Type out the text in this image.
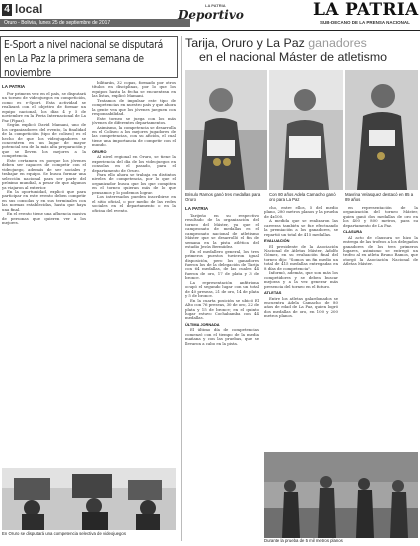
4 local
Oruro - Bolivia, lunes 25 de septiembre de 2017
LA PATRIA
Deportivo	LA PATRIA
SUB-DECANO DE LA PRENSA NACIONAL
E-Sport a nivel nacional se disputará en La Paz la primera semana de noviembre
LA PATRIA

Por primera vez en el país, se disputará un torneo de videojuegos en competición, como es e-Sport. Esta actividad se realizará con el objetivo de formar un equipo nacional, los días 4 y 5 de noviembre en la Feria Internacional de La Paz (Fipaz).

Según explicó David Mamani, uno de los organizadores del evento, la finalidad de la competición (tipo de coliseo) es el hecho de que los videojugadores se concentren en un lugar de mayor potencial sea de la más alta preparación y que se lleven los mejores a la competencia.

Este certamen es porque los jóvenes deben ser capaces de competir con el videojuego, además de ser sociales y trabajar en equipo. Se busca formar una selección nacional para ser parte del próximo mundial, a pesar de que algunos ya viajaron al exterior.

En la oportunidad, explicó que para participar en este evento deben competir en sus consolas y en sus terminales con las normas establecidas, hasta que haya una final.

En el evento tiene una afluencia masiva de personas que quieren ver a los mejores.

bilitarán, 32 copas, formado por otros títulos en disciplinas, por lo que los equipos hasta la fecha se encuentran en las listas, explicó Mamani.

Tratamos de impulsar este tipo de competencias en nuestro país y que ahora la gente vea que los jóvenes jueguen con responsabilidad.

Este torneo se juega con los más jóvenes de diferentes departamentos.

Asimismo, la competencia se desarrolla en el Coliseo a los mejores jugadores de las competencias, con su afición, el cual tiene una importancia de competir con el mundo.

ORURO

Al nivel regional en Oruro, se tiene la experiencia del día de los videojuegos en consolas en el pasado, para el departamento de Oruro.

Para ello ahora se trabaja en distintos niveles de competencia, por lo que el organizador busca que los que compiten en el torneo quieran más de lo que pensamos y lo podemos lograr.

Los interesados pueden inscribirse en el sitio oficial, o por medio de las redes sociales en el departamento o en la oficina del evento.

En Oruro se disputará una competencia selectiva de videojuegos
Tarija, Oruro y La Paz ganadores
en el nacional Máster de atletismo
Brisulo Ramos ganó tres medallas para Oruro
Con 80 años Adela Camacho ganó oro para La Paz
Mavrina Velasquez destacó en 85 a 89 años
LA PATRIA

Tarijeño en su respectivo resultado de la organización del torneo del Máster, ya que el campeonato de medallas es el campeonato nacional de atletismo Máster que se desarrolló el fin de semana en la pista atlética del estadio Jesús Bermúdez.

En el medallero general, los tres primeros puestos tuvieron igual disposición, pero los ganadores fueron los de la delegación de Tarija con 64 medallas, de las cuales 44 fueron de oro, 17 de plata y 3 de bronce.

La representación anfitriona ocupó el segundo lugar con un total de 40 preseas, 21 de oro, 14 de plata y 5 de bronce.

En la cuarta posición se ubicó El Alto con 76 preseas, 30 de oro, 22 de plata y 15 de bronce; en el quinto lugar estuvo Cochabamba con 44 medallas.

ÚLTIMA JORNADA

El último día de competencias comenzó con el tiempo de la media mañana y con las pruebas, que se llevaron a cabo en la pista.

cho, entre ellos, 5 del medio plano, 280 metros planos y la prueba de 4x100.

A medida que se realizaron las carreras también se fue efectuando la premiación a los ganadores, se repartió un total de 415 medallas.

EVALUACIÓN

El presidente de la Asociación Nacional de Atletas Máster, Adolfo Gómez, en su evaluación final del torneo dijo: "Somos un fin medio un total de 415 medallas entregadas en 8 días de competencia".

Informó, además, que son más los competidores y se deben buscar mejoras y a la vez generar más presencia del torneo en el futuro.

ATLETAS

Entre los atletas galardonados se encuentra Adela Camacho de 80 años de edad de La Paz, quien logró dos medallas de oro, en 100 y 200 metros planos.

en representación de la organización del torneo Máster, quien ganó dos medallas de oro en los 400 y 800 metros, para su departamento de La Paz.

CLASURA

Al acto de clausura se hizo la entrega de las trofeos a los delegados ganadores de los tres primeros lugares, asimismo se entregó un trofeo al ex atleta Bruno Ramos, que otorgó la Asociación Nacional de Atletas Máster.

Durante la prueba de 5 mil metros planos
